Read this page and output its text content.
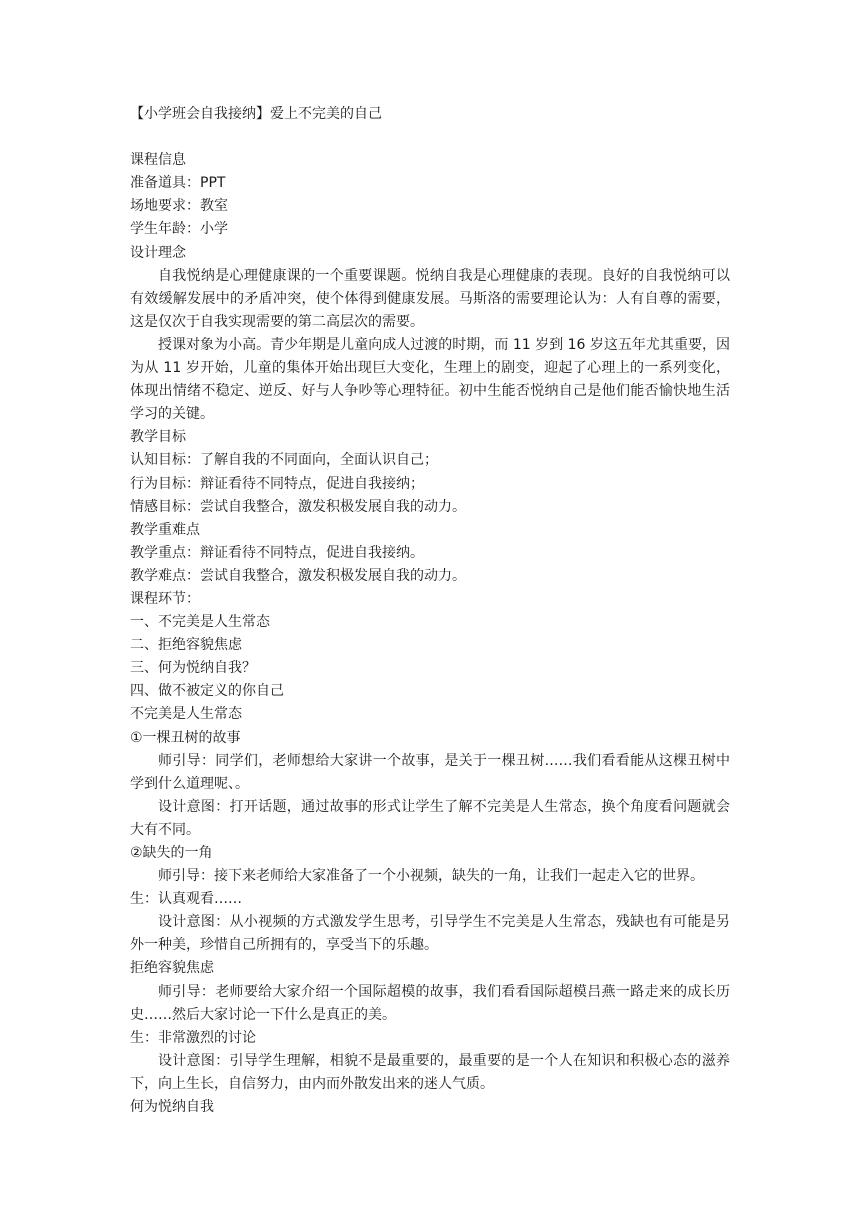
【小学班会自我接纳】爱上不完美的自己
课程信息
准备道具：PPT
场地要求：教室
学生年龄：小学
设计理念
自我悦纳是心理健康课的一个重要课题。悦纳自我是心理健康的表现。良好的自我悦纳可以有效缓解发展中的矛盾冲突，使个体得到健康发展。马斯洛的需要理论认为：人有自尊的需要，这是仅次于自我实现需要的第二高层次的需要。
授课对象为小高。青少年期是儿童向成人过渡的时期，而 11 岁到 16 岁这五年尤其重要，因为从 11 岁开始，儿童的集体开始出现巨大变化，生理上的剧变，迎起了心理上的一系列变化，体现出情绪不稳定、逆反、好与人争吵等心理特征。初中生能否悦纳自己是他们能否愉快地生活学习的关键。
教学目标
认知目标：了解自我的不同面向，全面认识自己；
行为目标：辩证看待不同特点，促进自我接纳；
情感目标：尝试自我整合，激发积极发展自我的动力。
教学重难点
教学重点：辩证看待不同特点，促进自我接纳。
教学难点：尝试自我整合，激发积极发展自我的动力。
课程环节：
一、不完美是人生常态
二、拒绝容貌焦虑
三、何为悦纳自我？
四、做不被定义的你自己
不完美是人生常态
①一棵丑树的故事
师引导：同学们，老师想给大家讲一个故事，是关于一棵丑树……我们看看能从这棵丑树中学到什么道理呢、。
设计意图：打开话题，通过故事的形式让学生了解不完美是人生常态，换个角度看问题就会　大有不同。
②缺失的一角
师引导：接下来老师给大家准备了一个小视频，缺失的一角，让我们一起走入它的世界。
生：认真观看……
设计意图：从小视频的方式激发学生思考，引导学生不完美是人生常态，残缺也有可能是另外一种美，珍惜自己所拥有的，享受当下的乐趣。
拒绝容貌焦虑
师引导：老师要给大家介绍一个国际超模的故事，我们看看国际超模吕燕一路走来的成长历史……然后大家讨论一下什么是真正的美。
生：非常激烈的讨论
设计意图：引导学生理解，相貌不是最重要的，最重要的是一个人在知识和积极心态的滋养下，向上生长，自信努力，由内而外散发出来的迷人气质。
何为悦纳自我
